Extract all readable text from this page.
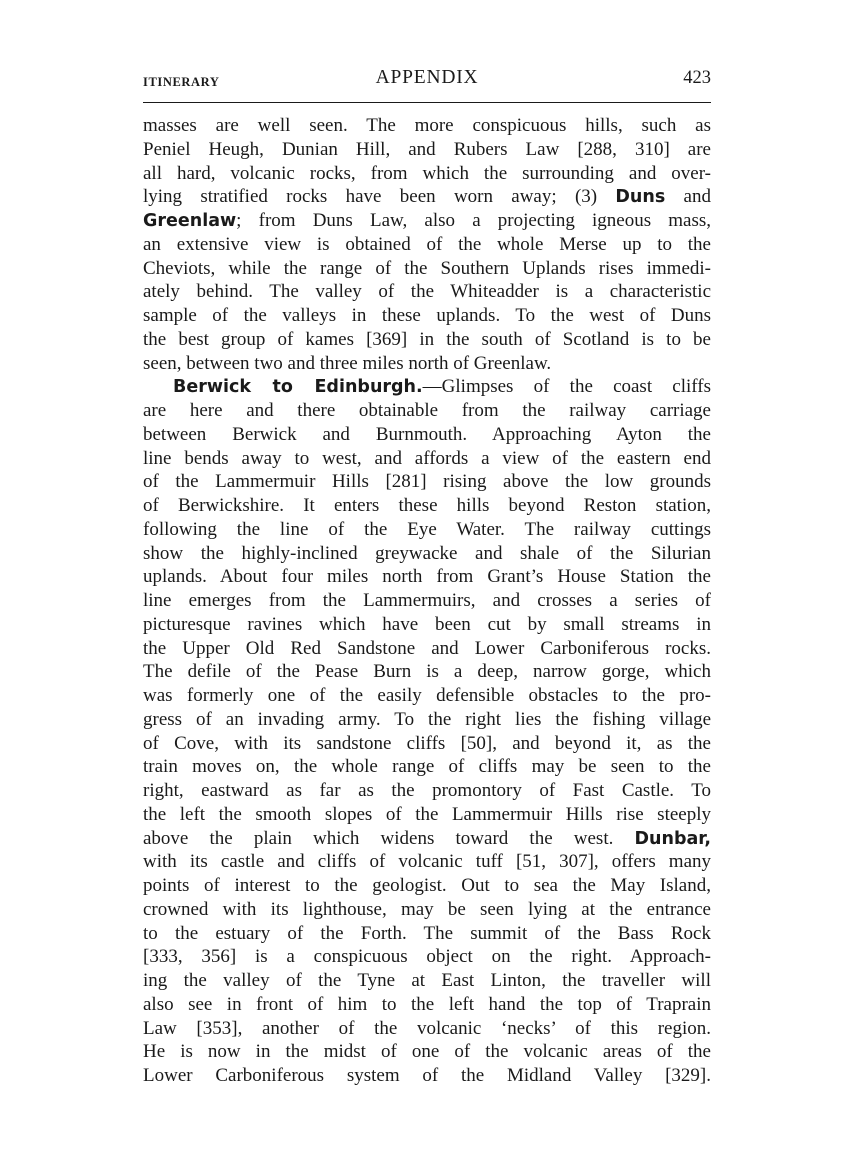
ITINERARY	APPENDIX	423
masses are well seen. The more conspicuous hills, such as
Peniel Heugh, Dunian Hill, and Rubers Law [288, 310] are
all hard, volcanic rocks, from which the surrounding and over-
lying stratified rocks have been worn away; (3) Duns and
Greenlaw; from Duns Law, also a projecting igneous mass,
an extensive view is obtained of the whole Merse up to the
Cheviots, while the range of the Southern Uplands rises immedi-
ately behind. The valley of the Whiteadder is a characteristic
sample of the valleys in these uplands. To the west of Duns
the best group of kames [369] in the south of Scotland is to be
seen, between two and three miles north of Greenlaw.
Berwick to Edinburgh.—Glimpses of the coast cliffs
are here and there obtainable from the railway carriage
between Berwick and Burnmouth. Approaching Ayton the
line bends away to west, and affords a view of the eastern end
of the Lammermuir Hills [281] rising above the low grounds
of Berwickshire. It enters these hills beyond Reston station,
following the line of the Eye Water. The railway cuttings
show the highly-inclined greywacke and shale of the Silurian
uplands. About four miles north from Grant’s House Station the
line emerges from the Lammermuirs, and crosses a series of
picturesque ravines which have been cut by small streams in
the Upper Old Red Sandstone and Lower Carboniferous rocks.
The defile of the Pease Burn is a deep, narrow gorge, which
was formerly one of the easily defensible obstacles to the pro-
gress of an invading army. To the right lies the fishing village
of Cove, with its sandstone cliffs [50], and beyond it, as the
train moves on, the whole range of cliffs may be seen to the
right, eastward as far as the promontory of Fast Castle. To
the left the smooth slopes of the Lammermuir Hills rise steeply
above the plain which widens toward the west. Dunbar,
with its castle and cliffs of volcanic tuff [51, 307], offers many
points of interest to the geologist. Out to sea the May Island,
crowned with its lighthouse, may be seen lying at the entrance
to the estuary of the Forth. The summit of the Bass Rock
[333, 356] is a conspicuous object on the right. Approach-
ing the valley of the Tyne at East Linton, the traveller will
also see in front of him to the left hand the top of Traprain
Law [353], another of the volcanic ‘necks’ of this region.
He is now in the midst of one of the volcanic areas of the
Lower Carboniferous system of the Midland Valley [329].
